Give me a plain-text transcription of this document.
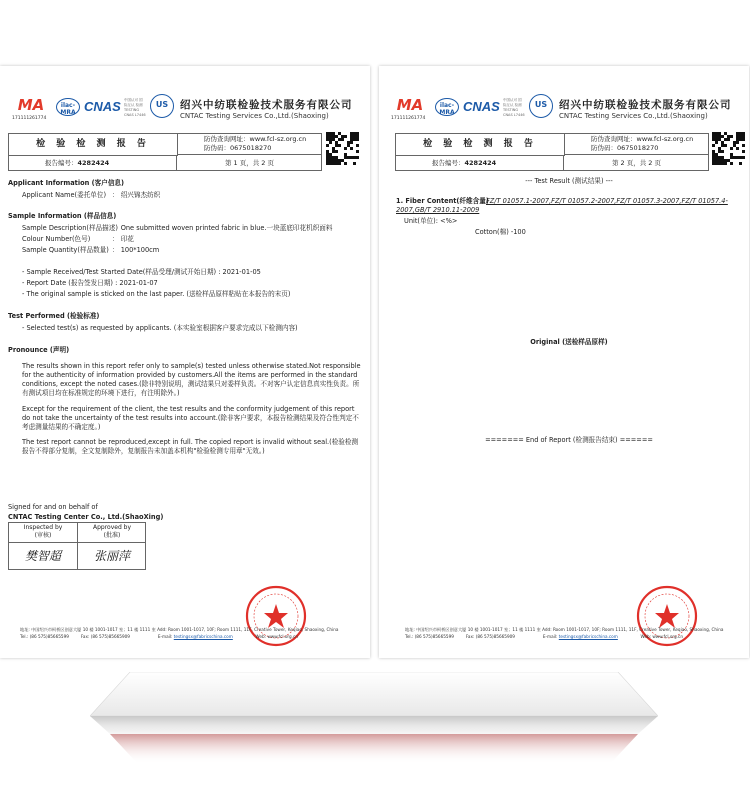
MA
171111261774
ilac-MRA CNAS 中国认可 国际互认 检测 TESTING CNAS L7446
US	绍兴中纺联检验技术服务有限公司
CNTAC Testing Services Co.,Ltd.(Shaoxing)
检 验 检 测 报 告
报告编号：4282424
防伪查询网址：www.fcl-sz.org.cn
防伪码：0675018270
第 1 页，共 2 页
Applicant Information (客户信息)
Applicant Name(委托单位) ： 绍兴锦杰纺织
Sample Information (样品信息)
Sample Description(样品描述)
： One submitted woven printed fabric in blue.一块蓝底印花机织面料
Colour Number(色号)	： 印花
Sample Quantity(样品数量) ： 100*100cm
- Sample Received/Test Started Date(样品受理/测试开始日期) : 2021-01-05
- Report Date (报告签发日期) : 2021-01-07
- The original sample is sticked on the last paper. (送检样品原样粘贴在本报告的末页)
Test Performed (检验标准)
- Selected test(s) as requested by applicants. (本实验室根据客户要求完成以下检测内容)
Pronounce (声明)
The results shown in this report refer only to sample(s) tested unless otherwise stated.Not responsible for the authenticity of information provided by customers.All the items are performed in the standard conditions, except the noted cases.(除非特别说明，测试结果只对委样负责。不对客户认定信息真实性负责。所有测试项目均在标准规定的环境下进行，有注明除外。)
Except for the requirement of the client, the test results and the conformity judgement of this report do not take the uncertainty of the test results into account.(除非客户要求，本报告检测结果及符合性判定不考虑测量结果的不确定度。)
The test report cannot be reproduced,except in full. The copied report is invalid without seal.(检验检测报告不得部分复制，全文复制除外，复制报告未加盖本机构"检验检测专用章"无效。)
Signed for and on behalf of
CNTAC Testing Center Co., Ltd.(ShaoXing)
Inspected by
(审核)
樊智超
Approved by
(批准)
张丽萍
地址: 中国绍兴市柯桥区创意大厦 10 楼 1001-1017 室；11 楼 1111 室 Add: Room 1001-1017, 10F; Room 1111, 11F, Creative Tower, Keqiao, Shaoxing, China
Tel.: (86 575)85665599	Fax: (86 575)85665909	E-mail: testingsx@fabricschina.com	Web: www.fcl.org.cn
MA
171111261774
ilac-MRA CNAS 中国认可 国际互认 检测 TESTING CNAS L7446
US	绍兴中纺联检验技术服务有限公司
CNTAC Testing Services Co.,Ltd.(Shaoxing)
检 验 检 测 报 告
报告编号：4282424
防伪查询网址：www.fcl-sz.org.cn
防伪码：0675018270
第 2 页，共 2 页
--- Test Result (测试结果) ---
1. Fiber Content(纤维含量)
FZ/T 01057.1-2007,FZ/T 01057.2-2007,FZ/T 01057.3-2007,FZ/T 01057.4-2007,GB/T 2910.11-2009
Unit(单位): <%>
Cotton(棉) -100
Original (送检样品原样)
======= End of Report (检测报告结束) ======
地址: 中国绍兴市柯桥区创意大厦 10 楼 1001-1017 室；11 楼 1111 室 Add: Room 1001-1017, 10F; Room 1111, 11F, Creative Tower, Keqiao, Shaoxing, China
Tel.: (86 575)85665599	Fax: (86 575)85665909	E-mail: testingsx@fabricschina.com	Web: www.fcl.org.cn
